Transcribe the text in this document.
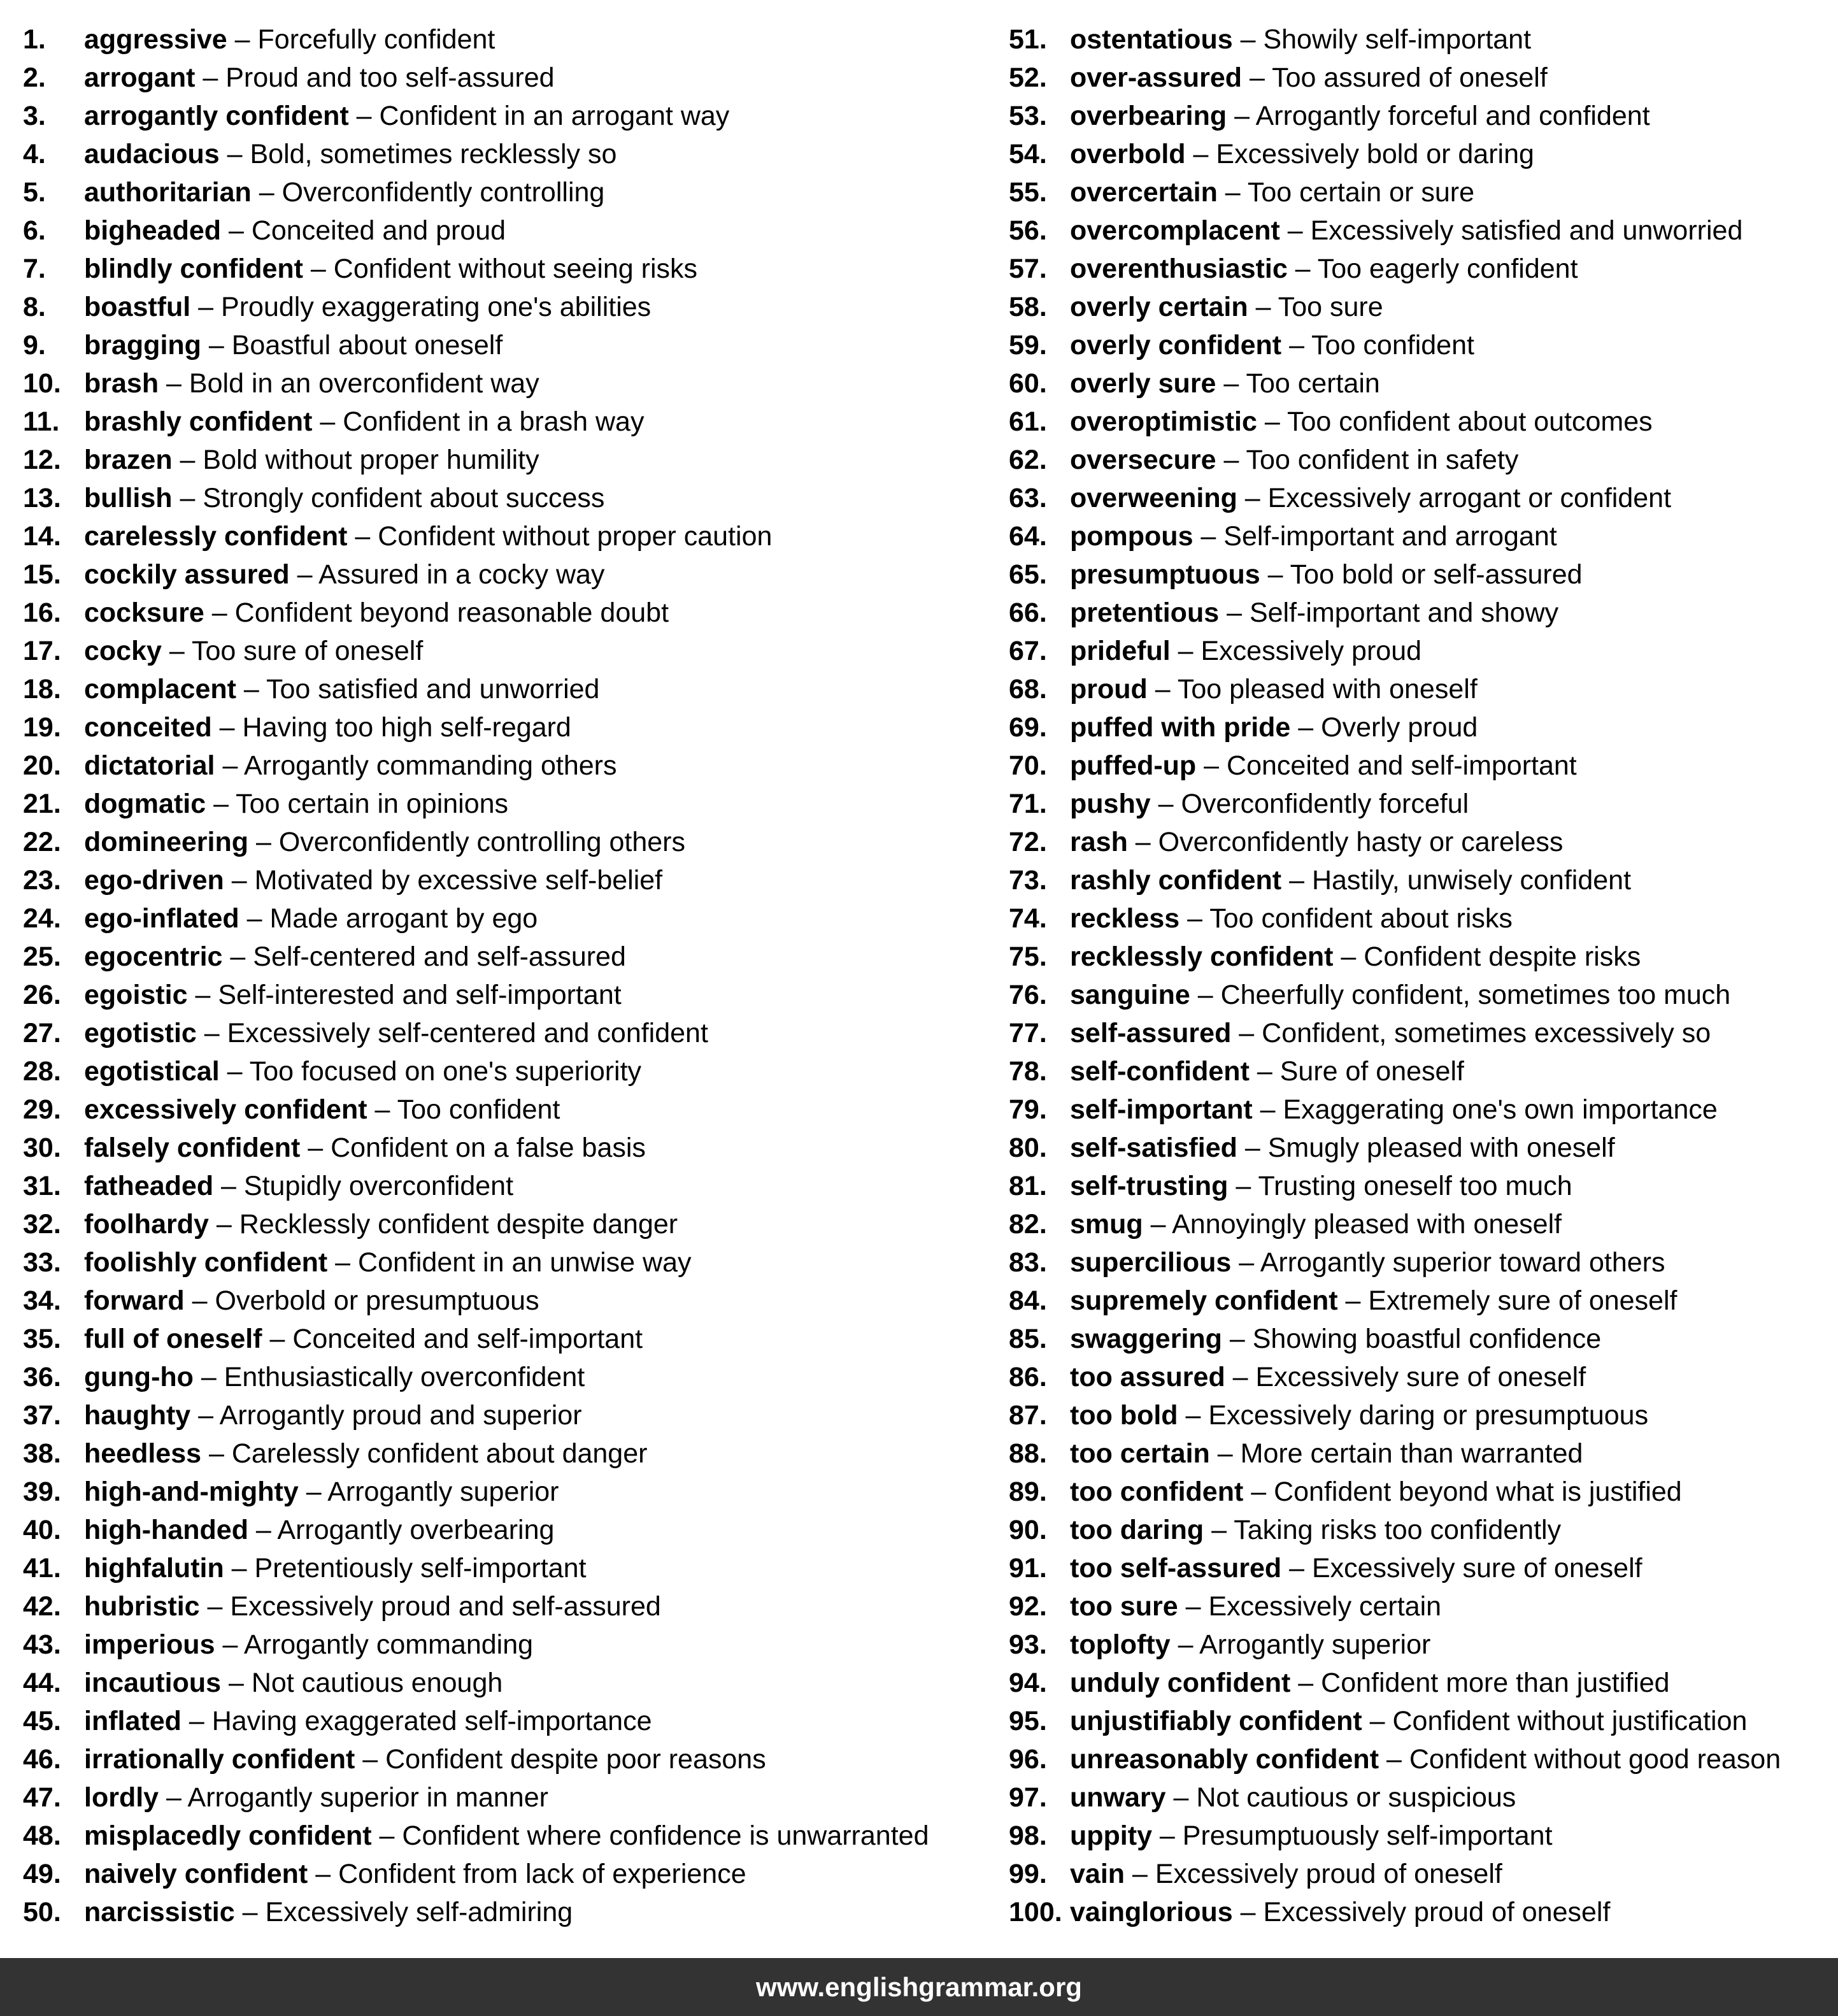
1. aggressive – Forcefully confident
2. arrogant – Proud and too self-assured
3. arrogantly confident – Confident in an arrogant way
4. audacious – Bold, sometimes recklessly so
5. authoritarian – Overconfidently controlling
6. bigheaded – Conceited and proud
7. blindly confident – Confident without seeing risks
8. boastful – Proudly exaggerating one's abilities
9. bragging – Boastful about oneself
10. brash – Bold in an overconfident way
11. brashly confident – Confident in a brash way
12. brazen – Bold without proper humility
13. bullish – Strongly confident about success
14. carelessly confident – Confident without proper caution
15. cockily assured – Assured in a cocky way
16. cocksure – Confident beyond reasonable doubt
17. cocky – Too sure of oneself
18. complacent – Too satisfied and unworried
19. conceited – Having too high self-regard
20. dictatorial – Arrogantly commanding others
21. dogmatic – Too certain in opinions
22. domineering – Overconfidently controlling others
23. ego-driven – Motivated by excessive self-belief
24. ego-inflated – Made arrogant by ego
25. egocentric – Self-centered and self-assured
26. egoistic – Self-interested and self-important
27. egotistic – Excessively self-centered and confident
28. egotistical – Too focused on one's superiority
29. excessively confident – Too confident
30. falsely confident – Confident on a false basis
31. fatheaded – Stupidly overconfident
32. foolhardy – Recklessly confident despite danger
33. foolishly confident – Confident in an unwise way
34. forward – Overbold or presumptuous
35. full of oneself – Conceited and self-important
36. gung-ho – Enthusiastically overconfident
37. haughty – Arrogantly proud and superior
38. heedless – Carelessly confident about danger
39. high-and-mighty – Arrogantly superior
40. high-handed – Arrogantly overbearing
41. highfalutin – Pretentiously self-important
42. hubristic – Excessively proud and self-assured
43. imperious – Arrogantly commanding
44. incautious – Not cautious enough
45. inflated – Having exaggerated self-importance
46. irrationally confident – Confident despite poor reasons
47. lordly – Arrogantly superior in manner
48. misplacedly confident – Confident where confidence is unwarranted
49. naively confident – Confident from lack of experience
50. narcissistic – Excessively self-admiring
51. ostentatious – Showily self-important
52. over-assured – Too assured of oneself
53. overbearing – Arrogantly forceful and confident
54. overbold – Excessively bold or daring
55. overcertain – Too certain or sure
56. overcomplacent – Excessively satisfied and unworried
57. overenthusiastic – Too eagerly confident
58. overly certain – Too sure
59. overly confident – Too confident
60. overly sure – Too certain
61. overoptimistic – Too confident about outcomes
62. oversecure – Too confident in safety
63. overweening – Excessively arrogant or confident
64. pompous – Self-important and arrogant
65. presumptuous – Too bold or self-assured
66. pretentious – Self-important and showy
67. prideful – Excessively proud
68. proud – Too pleased with oneself
69. puffed with pride – Overly proud
70. puffed-up – Conceited and self-important
71. pushy – Overconfidently forceful
72. rash – Overconfidently hasty or careless
73. rashly confident – Hastily, unwisely confident
74. reckless – Too confident about risks
75. recklessly confident – Confident despite risks
76. sanguine – Cheerfully confident, sometimes too much
77. self-assured – Confident, sometimes excessively so
78. self-confident – Sure of oneself
79. self-important – Exaggerating one's own importance
80. self-satisfied – Smugly pleased with oneself
81. self-trusting – Trusting oneself too much
82. smug – Annoyingly pleased with oneself
83. supercilious – Arrogantly superior toward others
84. supremely confident – Extremely sure of oneself
85. swaggering – Showing boastful confidence
86. too assured – Excessively sure of oneself
87. too bold – Excessively daring or presumptuous
88. too certain – More certain than warranted
89. too confident – Confident beyond what is justified
90. too daring – Taking risks too confidently
91. too self-assured – Excessively sure of oneself
92. too sure – Excessively certain
93. toplofty – Arrogantly superior
94. unduly confident – Confident more than justified
95. unjustifiably confident – Confident without justification
96. unreasonably confident – Confident without good reason
97. unwary – Not cautious or suspicious
98. uppity – Presumptuously self-important
99. vain – Excessively proud of oneself
100. vainglorious – Excessively proud of oneself
www.englishgrammar.org
